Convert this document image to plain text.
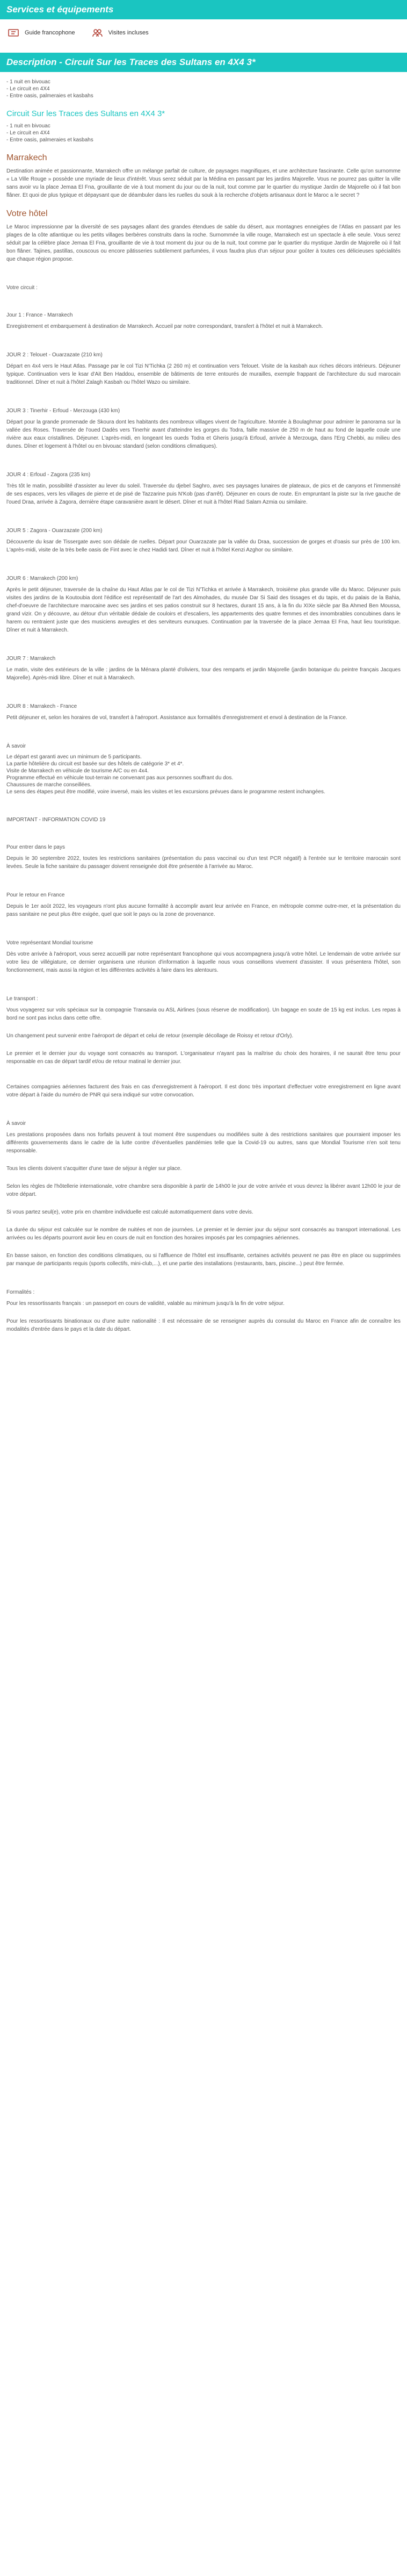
Services et équipements
Guide francophone	Visites incluses
Description - Circuit Sur les Traces des Sultans en 4X4 3*

- 1 nuit en bivouac

- Le circuit en 4X4

- Entre oasis, palmeraies et kasbahs

Circuit Sur les Traces des Sultans en 4X4 3*

- 1 nuit en bivouac

- Le circuit en 4X4

- Entre oasis, palmeraies et kasbahs

Marrakech

Destination animée et passionnante, Marrakech offre un mélange parfait de culture, de paysages magnifiques, et une architecture fascinante. Celle qu'on surnomme « La Ville Rouge » possède une myriade de lieux d'intérêt. Vous serez séduit par la Médina en passant par les jardins Majorelle. Vous ne pourrez pas quitter la ville sans avoir vu la place Jemaa El Fna, grouillante de vie à tout moment du jour ou de la nuit, tout comme par le quartier du mystique Jardin de Majorelle où il fait bon flâner. Et quoi de plus typique et dépaysant que de déambuler dans les ruelles du souk à la recherche d'objets artisanaux dont le Maroc a le secret ?

Votre hôtel

Le Maroc impressionne par la diversité de ses paysages allant des grandes étendues de sable du désert, aux montagnes enneigées de l'Atlas en passant par les plages de la côte atlantique ou les petits villages berbères construits dans la roche. Surnommée la ville rouge, Marrakech est un spectacle à elle seule. Vous serez séduit par la célèbre place Jemaa El Fna, grouillante de vie à tout moment du jour ou de la nuit, tout comme par le quartier du mystique Jardin de Majorelle où il fait bon flâner. Tajines, pastillas, couscous ou encore pâtisseries subtilement parfumées, il vous faudra plus d'un séjour pour goûter à toutes ces délicieuses spécialités que chaque région propose.

Votre circuit :

Jour 1 : France - Marrakech

Enregistrement et embarquement à destination de Marrakech. Accueil par notre correspondant, transfert à l'hôtel et nuit à Marrakech.

JOUR 2 : Telouet - Ouarzazate (210 km)

Départ en 4x4 vers le Haut Atlas. Passage par le col Tizi N'Tichka (2 260 m) et continuation vers Telouet. Visite de la kasbah aux riches décors intérieurs. Déjeuner typique. Continuation vers le ksar d'Ait Ben Haddou, ensemble de bâtiments de terre entourés de murailles, exemple frappant de l'architecture du sud marocain traditionnel. Dîner et nuit à l'hôtel Zalagh Kasbah ou l'hôtel Wazo ou similaire.

JOUR 3 : Tinerhir - Erfoud - Merzouga (430 km)

Départ pour la grande promenade de Skoura dont les habitants des nombreux villages vivent de l'agriculture. Montée à Boulaghmar pour admirer le panorama sur la vallée des Roses. Traversée de l'oued Dadès vers Tinerhir avant d'atteindre les gorges du Todra, faille massive de 250 m de haut au fond de laquelle coule une rivière aux eaux cristallines. Déjeuner. L'après-midi, en longeant les oueds Todra et Gheris jusqu'à Erfoud, arrivée à Merzouga, dans l'Erg Chebbi, au milieu des dunes. Dîner et logement à l'hôtel ou en bivouac standard (selon conditions climatiques).

JOUR 4 : Erfoud - Zagora (235 km)

Très tôt le matin, possibilité d'assister au lever du soleil. Traversée du djebel Saghro, avec ses paysages lunaires de plateaux, de pics et de canyons et l'immensité de ses espaces, vers les villages de pierre et de pisé de Tazzarine puis N'Kob (pas d'arrêt). Déjeuner en cours de route. En empruntant la piste sur la rive gauche de l'oued Draa, arrivée à Zagora, dernière étape caravanière avant le désert. Dîner et nuit à l'hôtel Riad Salam Azmia ou similaire.

JOUR 5 : Zagora - Ouarzazate (200 km)

Découverte du ksar de Tissergate avec son dédale de ruelles. Départ pour Ouarzazate par la vallée du Draa, succession de gorges et d'oasis sur près de 100 km. L'après-midi, visite de la très belle oasis de Fint avec le chez Hadidi tard. Dîner et nuit à l'hôtel Kenzi Azghor ou similaire.

JOUR 6 : Marrakech (200 km)

Après le petit déjeuner, traversée de la chaîne du Haut Atlas par le col de Tizi N'Tichka et arrivée à Marrakech, troisième plus grande ville du Maroc. Déjeuner puis visites des jardins de la Koutoubia dont l'édifice est représentatif de l'art des Almohades, du musée Dar Si Said des tissages et du tapis, et du palais de la Bahia, chef-d'oeuvre de l'architecture marocaine avec ses jardins et ses patios construit sur 8 hectares, durant 15 ans, à la fin du XIXe siècle par Ba Ahmed Ben Moussa, grand vizir. On y découvre, au détour d'un véritable dédale de couloirs et d'escaliers, les appartements des quatre femmes et des innombrables concubines dans le harem ou rentraient juste que des musiciens aveugles et des serviteurs eunuques. Continuation par la traversée de la place Jemaa El Fna, haut lieu touristique. Dîner et nuit à Marrakech.

JOUR 7 : Marrakech

Le matin, visite des extérieurs de la ville : jardins de la Ménara planté d'oliviers, tour des remparts et jardin Majorelle (jardin botanique du peintre français Jacques Majorelle). Après-midi libre. Dîner et nuit à Marrakech.

JOUR 8 : Marrakech - France

Petit déjeuner et, selon les horaires de vol, transfert à l'aéroport. Assistance aux formalités d'enregistrement et envol à destination de la France.

À savoir

Le départ est garanti avec un minimum de 5 participants.

La partie hôtelière du circuit est basée sur des hôtels de catégorie 3* et 4*.

Visite de Marrakech en véhicule de tourisme A/C ou en 4x4.

Programme effectué en véhicule tout-terrain ne convenant pas aux personnes souffrant du dos.

Chaussures de marche conseillées.

Le sens des étapes peut être modifié, voire inversé, mais les visites et les excursions prévues dans le programme restent inchangées.

IMPORTANT - INFORMATION COVID 19

Pour entrer dans le pays

Depuis le 30 septembre 2022, toutes les restrictions sanitaires (présentation du pass vaccinal ou d'un test PCR négatif) à l'entrée sur le territoire marocain sont levées. Seule la fiche sanitaire du passager doivent renseignée doit être présentée à l'arrivée au Maroc.

Pour le retour en France

Depuis le 1er août 2022, les voyageurs n'ont plus aucune formalité à accomplir avant leur arrivée en France, en métropole comme outre-mer, et la présentation du pass sanitaire ne peut plus être exigée, quel que soit le pays ou la zone de provenance.

Votre représentant Mondial tourisme

Dès votre arrivée à l'aéroport, vous serez accueilli par notre représentant francophone qui vous accompagnera jusqu'à votre hôtel. Le lendemain de votre arrivée sur votre lieu de villégiature, ce dernier organisera une réunion d'information à laquelle nous vous conseillons vivement d'assister. Il vous présentera l'hôtel, son fonctionnement, mais aussi la région et les différentes activités à faire dans les alentours.

Le transport :

Vous voyagerez sur vols spéciaux sur la compagnie Transavia ou ASL Airlines (sous réserve de modification). Un bagage en soute de 15 kg est inclus. Les repas à bord ne sont pas inclus dans cette offre.

Un changement peut survenir entre l'aéroport de départ et celui de retour (exemple décollage de Roissy et retour d'Orly).

Le premier et le dernier jour du voyage sont consacrés au transport. L'organisateur n'ayant pas la maîtrise du choix des horaires, il ne saurait être tenu pour responsable en cas de départ tardif et/ou de retour matinal le dernier jour.

Certaines compagnies aériennes facturent des frais en cas d'enregistrement à l'aéroport. Il est donc très important d'effectuer votre enregistrement en ligne avant votre départ à l'aide du numéro de PNR qui sera indiqué sur votre convocation.

À savoir

Les prestations proposées dans nos forfaits peuvent à tout moment être suspendues ou modifiées suite à des restrictions sanitaires que pourraient imposer les différents gouvernements dans le cadre de la lutte contre d'éventuelles pandémies telle que la Covid-19 ou autres, sans que Mondial Tourisme n'en soit tenu responsable.

Tous les clients doivent s'acquitter d'une taxe de séjour à régler sur place.

Selon les règles de l'hôtellerie internationale, votre chambre sera disponible à partir de 14h00 le jour de votre arrivée et vous devrez la libérer avant 12h00 le jour de votre départ.

Si vous partez seul(e), votre prix en chambre individuelle est calculé automatiquement dans votre devis.

La durée du séjour est calculée sur le nombre de nuitées et non de journées. Le premier et le dernier jour du séjour sont consacrés au transport international. Les arrivées ou les départs pourront avoir lieu en cours de nuit en fonction des horaires imposés par les compagnies aériennes.

En basse saison, en fonction des conditions climatiques, ou si l'affluence de l'hôtel est insuffisante, certaines activités peuvent ne pas être en place ou supprimées par manque de participants requis (sports collectifs, mini-club,...), et une partie des installations (restaurants, bars, piscine...) peut être fermée.

Formalités :

Pour les ressortissants français : un passeport en cours de validité, valable au minimum jusqu'à la fin de votre séjour.

Pour les ressortissants binationaux ou d'une autre nationalité : Il est nécessaire de se renseigner auprès du consulat du Maroc en France afin de connaître les modalités d'entrée dans le pays et la date du départ.
